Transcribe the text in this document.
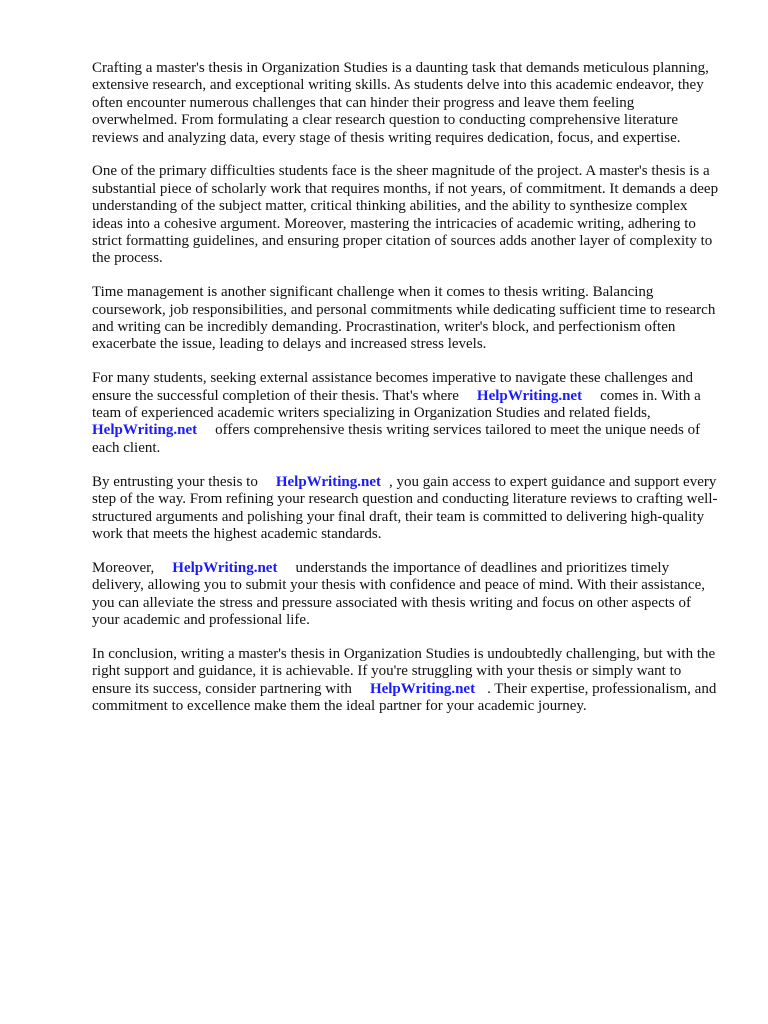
Crafting a master's thesis in Organization Studies is a daunting task that demands meticulous planning, extensive research, and exceptional writing skills. As students delve into this academic endeavor, they often encounter numerous challenges that can hinder their progress and leave them feeling overwhelmed. From formulating a clear research question to conducting comprehensive literature reviews and analyzing data, every stage of thesis writing requires dedication, focus, and expertise.

One of the primary difficulties students face is the sheer magnitude of the project. A master's thesis is a substantial piece of scholarly work that requires months, if not years, of commitment. It demands a deep understanding of the subject matter, critical thinking abilities, and the ability to synthesize complex ideas into a cohesive argument. Moreover, mastering the intricacies of academic writing, adhering to strict formatting guidelines, and ensuring proper citation of sources adds another layer of complexity to the process.

Time management is another significant challenge when it comes to thesis writing. Balancing coursework, job responsibilities, and personal commitments while dedicating sufficient time to research and writing can be incredibly demanding. Procrastination, writer's block, and perfectionism often exacerbate the issue, leading to delays and increased stress levels.

For many students, seeking external assistance becomes imperative to navigate these challenges and ensure the successful completion of their thesis. That's where HelpWriting.net comes in. With a team of experienced academic writers specializing in Organization Studies and related fields, HelpWriting.net offers comprehensive thesis writing services tailored to meet the unique needs of each client.

By entrusting your thesis to HelpWriting.net , you gain access to expert guidance and support every step of the way. From refining your research question and conducting literature reviews to crafting well-structured arguments and polishing your final draft, their team is committed to delivering high-quality work that meets the highest academic standards.

Moreover, HelpWriting.net understands the importance of deadlines and prioritizes timely delivery, allowing you to submit your thesis with confidence and peace of mind. With their assistance, you can alleviate the stress and pressure associated with thesis writing and focus on other aspects of your academic and professional life.

In conclusion, writing a master's thesis in Organization Studies is undoubtedly challenging, but with the right support and guidance, it is achievable. If you're struggling with your thesis or simply want to ensure its success, consider partnering with HelpWriting.net . Their expertise, professionalism, and commitment to excellence make them the ideal partner for your academic journey.
